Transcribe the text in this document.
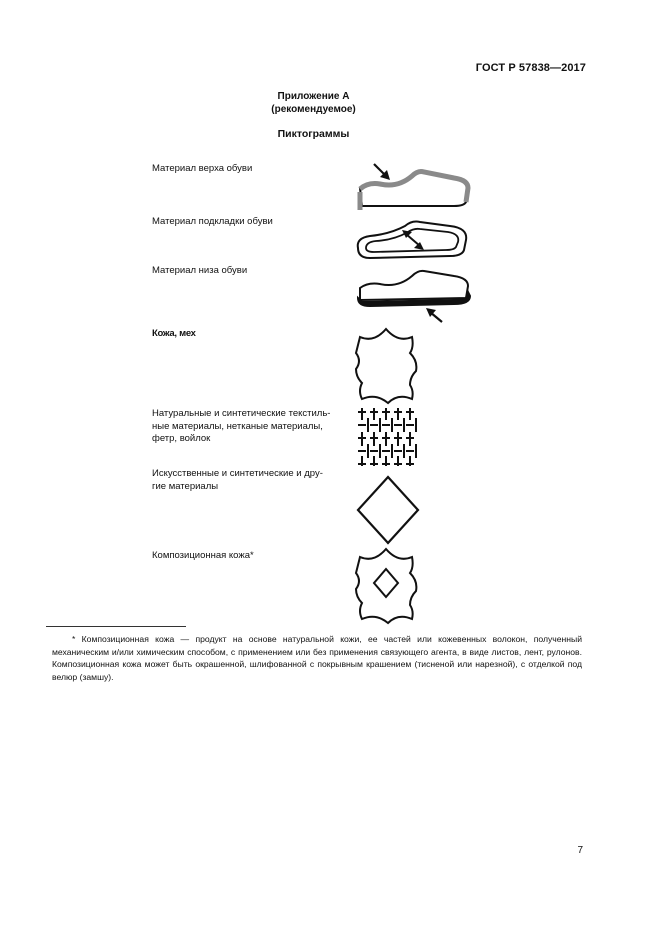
ГОСТ Р 57838—2017
Приложение А
(рекомендуемое)
Пиктограммы
Материал верха обуви
Материал подкладки обуви
Материал низа обуви
Кожа, мех
Натуральные и синтетические текстиль-
ные материалы, нетканые материалы,
фетр, войлок
Искусственные и синтетические и дру-
гие материалы
Композиционная кожа*
* Композиционная кожа — продукт на основе натуральной кожи, ее частей или кожевенных волокон, полученный механическим и/или химическим способом, с применением или без применения связующего агента, в виде листов, лент, рулонов. Композиционная кожа может быть окрашенной, шлифованной с покрывным крашением (тисненой или нарезной), с отделкой под велюр (замшу).
7
